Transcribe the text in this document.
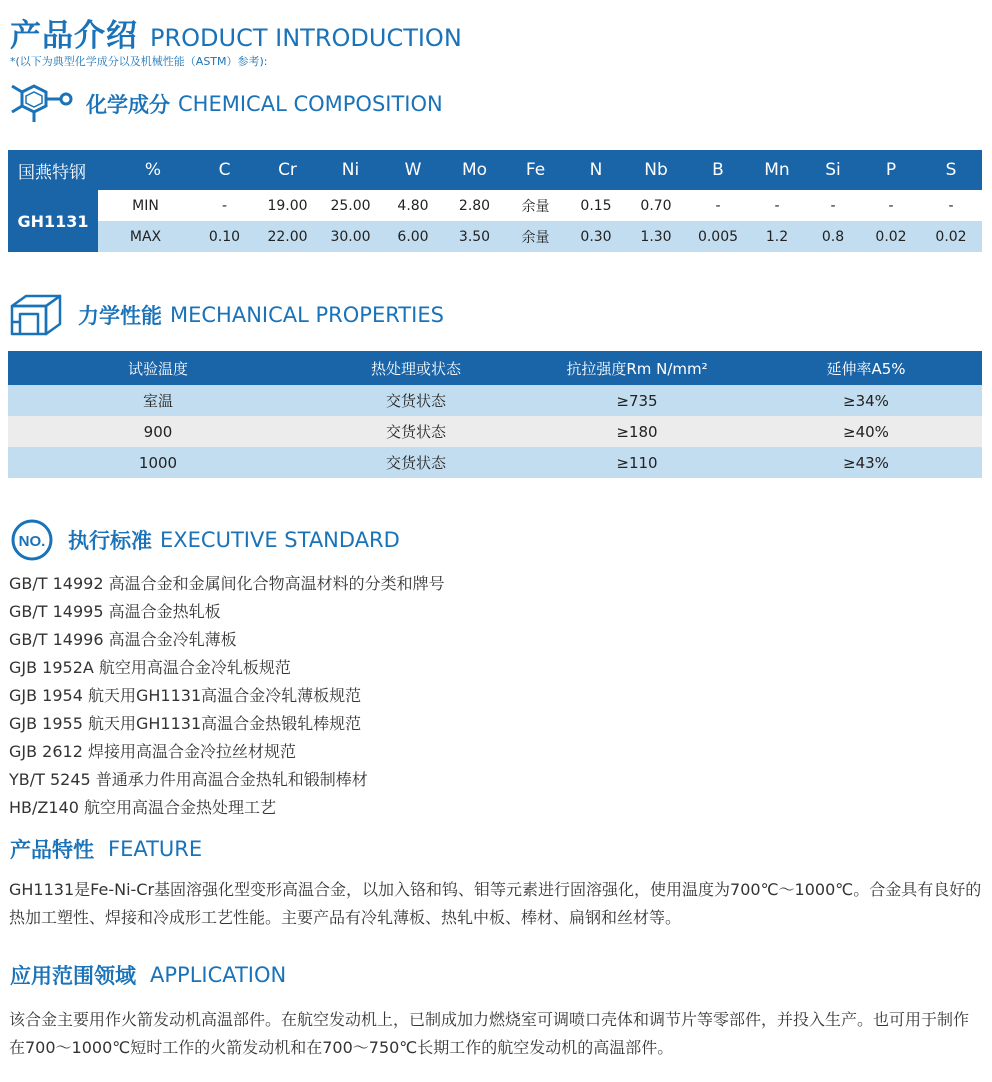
产品介绍 PRODUCT INTRODUCTION
*(以下为典型化学成分以及机械性能（ASTM）参考):
化学成分 CHEMICAL COMPOSITION
国燕特钢	%	C	Cr	Ni	W	Mo	Fe	N	Nb	B	Mn	Si	P	S
GH1131
MIN	-	19.00	25.00	4.80	2.80	余量	0.15	0.70	-	-	-	-	-
MAX	0.10	22.00	30.00	6.00	3.50	余量	0.30	1.30	0.005	1.2	0.8	0.02	0.02
力学性能 MECHANICAL PROPERTIES
试验温度	热处理或状态	抗拉强度Rm N/mm²	延伸率A5%
室温	交货状态	≥735	≥34%
900	交货状态	≥180	≥40%
1000	交货状态	≥110	≥43%
NO. 执行标准 EXECUTIVE STANDARD
GB/T 14992 高温合金和金属间化合物高温材料的分类和牌号
GB/T 14995 高温合金热轧板
GB/T 14996 高温合金冷轧薄板
GJB 1952A 航空用高温合金冷轧板规范
GJB 1954 航天用GH1131高温合金冷轧薄板规范
GJB 1955 航天用GH1131高温合金热锻轧棒规范
GJB 2612 焊接用高温合金冷拉丝材规范
YB/T 5245 普通承力件用高温合金热轧和锻制棒材
HB/Z140 航空用高温合金热处理工艺
产品特性 FEATURE
GH1131是Fe-Ni-Cr基固溶强化型变形高温合金，以加入铬和钨、钼等元素进行固溶强化，使用温度为700℃～1000℃。合金具有良好的热加工塑性、焊接和冷成形工艺性能。主要产品有冷轧薄板、热轧中板、棒材、扁钢和丝材等。
应用范围领域 APPLICATION
该合金主要用作火箭发动机高温部件。在航空发动机上，已制成加力燃烧室可调喷口壳体和调节片等零部件，并投入生产。也可用于制作在700～1000℃短时工作的火箭发动机和在700～750℃长期工作的航空发动机的高温部件。
